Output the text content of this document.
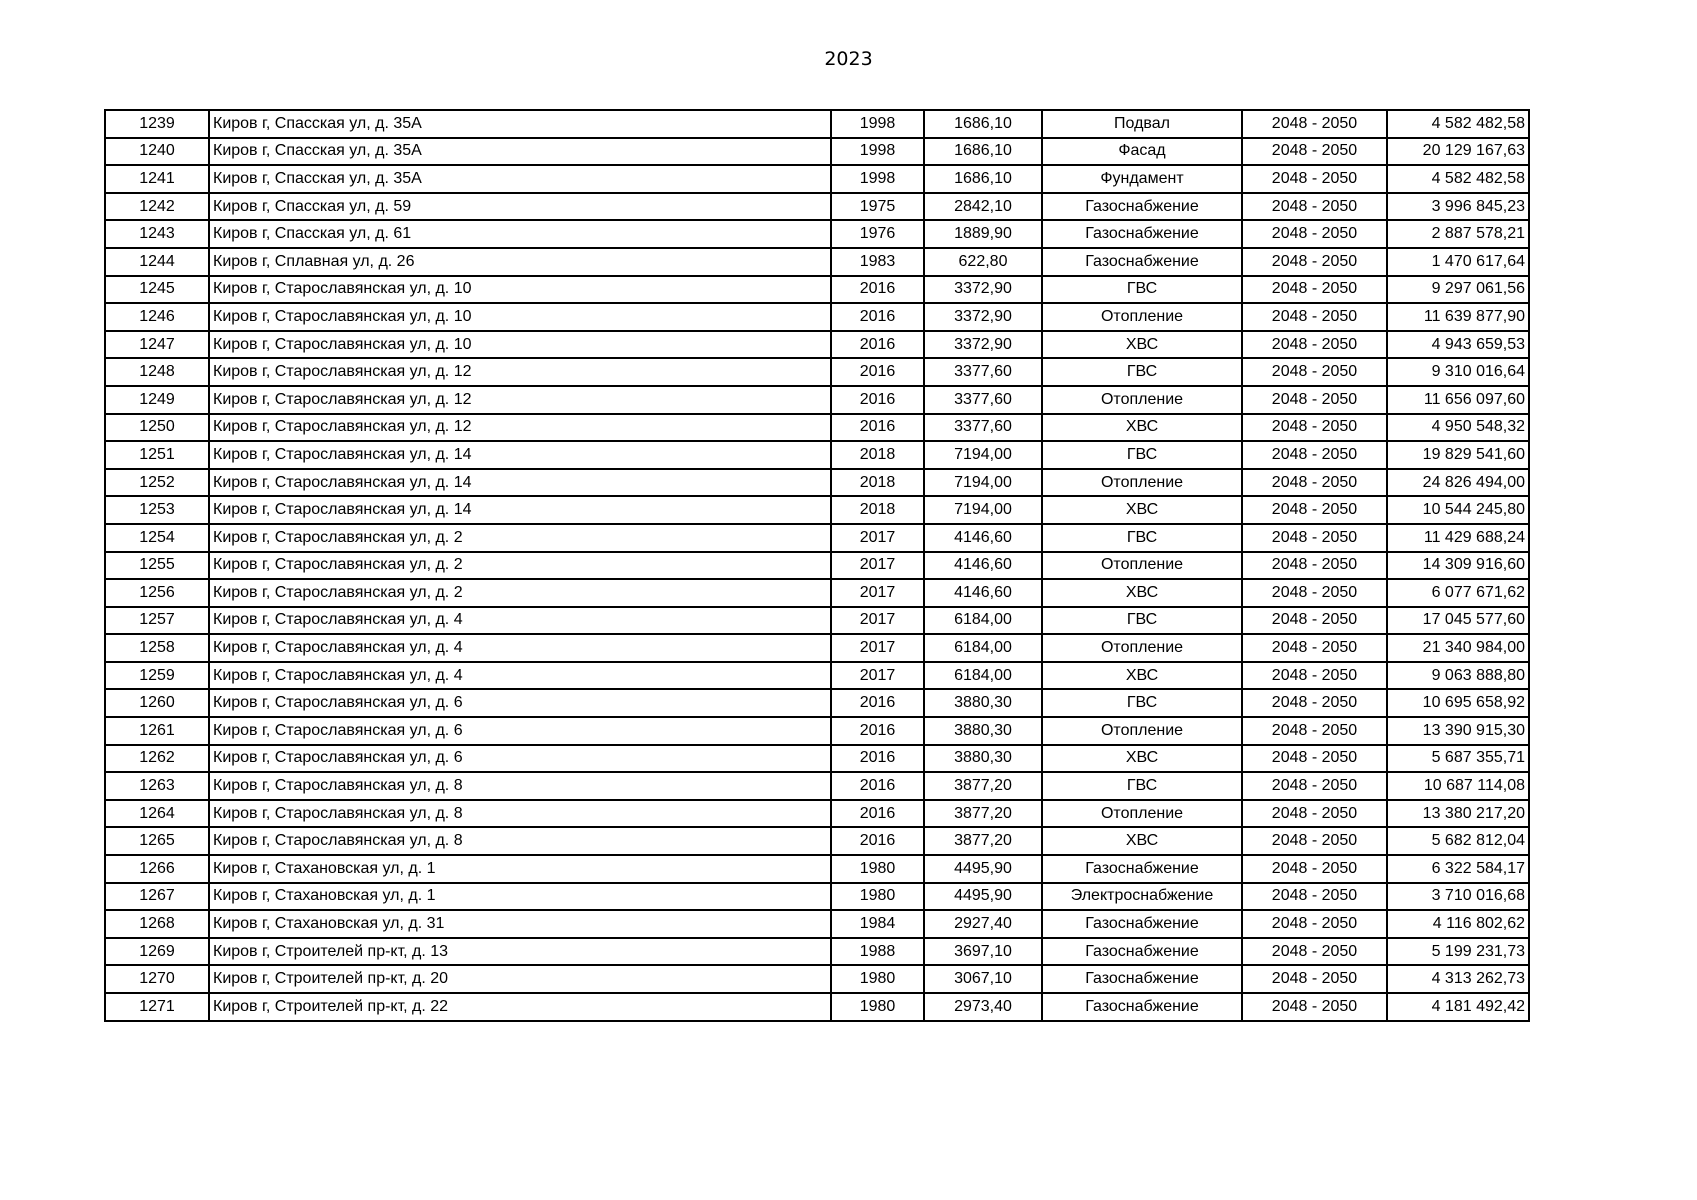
2023
1239	Киров г, Спасская ул, д. 35А	1998	1686,10	Подвал	2048 - 2050	4 582 482,58
1240	Киров г, Спасская ул, д. 35А	1998	1686,10	Фасад	2048 - 2050	20 129 167,63
1241	Киров г, Спасская ул, д. 35А	1998	1686,10	Фундамент	2048 - 2050	4 582 482,58
1242	Киров г, Спасская ул, д. 59	1975	2842,10	Газоснабжение	2048 - 2050	3 996 845,23
1243	Киров г, Спасская ул, д. 61	1976	1889,90	Газоснабжение	2048 - 2050	2 887 578,21
1244	Киров г, Сплавная ул, д. 26	1983	622,80	Газоснабжение	2048 - 2050	1 470 617,64
1245	Киров г, Старославянская ул, д. 10	2016	3372,90	ГВС	2048 - 2050	9 297 061,56
1246	Киров г, Старославянская ул, д. 10	2016	3372,90	Отопление	2048 - 2050	11 639 877,90
1247	Киров г, Старославянская ул, д. 10	2016	3372,90	ХВС	2048 - 2050	4 943 659,53
1248	Киров г, Старославянская ул, д. 12	2016	3377,60	ГВС	2048 - 2050	9 310 016,64
1249	Киров г, Старославянская ул, д. 12	2016	3377,60	Отопление	2048 - 2050	11 656 097,60
1250	Киров г, Старославянская ул, д. 12	2016	3377,60	ХВС	2048 - 2050	4 950 548,32
1251	Киров г, Старославянская ул, д. 14	2018	7194,00	ГВС	2048 - 2050	19 829 541,60
1252	Киров г, Старославянская ул, д. 14	2018	7194,00	Отопление	2048 - 2050	24 826 494,00
1253	Киров г, Старославянская ул, д. 14	2018	7194,00	ХВС	2048 - 2050	10 544 245,80
1254	Киров г, Старославянская ул, д. 2	2017	4146,60	ГВС	2048 - 2050	11 429 688,24
1255	Киров г, Старославянская ул, д. 2	2017	4146,60	Отопление	2048 - 2050	14 309 916,60
1256	Киров г, Старославянская ул, д. 2	2017	4146,60	ХВС	2048 - 2050	6 077 671,62
1257	Киров г, Старославянская ул, д. 4	2017	6184,00	ГВС	2048 - 2050	17 045 577,60
1258	Киров г, Старославянская ул, д. 4	2017	6184,00	Отопление	2048 - 2050	21 340 984,00
1259	Киров г, Старославянская ул, д. 4	2017	6184,00	ХВС	2048 - 2050	9 063 888,80
1260	Киров г, Старославянская ул, д. 6	2016	3880,30	ГВС	2048 - 2050	10 695 658,92
1261	Киров г, Старославянская ул, д. 6	2016	3880,30	Отопление	2048 - 2050	13 390 915,30
1262	Киров г, Старославянская ул, д. 6	2016	3880,30	ХВС	2048 - 2050	5 687 355,71
1263	Киров г, Старославянская ул, д. 8	2016	3877,20	ГВС	2048 - 2050	10 687 114,08
1264	Киров г, Старославянская ул, д. 8	2016	3877,20	Отопление	2048 - 2050	13 380 217,20
1265	Киров г, Старославянская ул, д. 8	2016	3877,20	ХВС	2048 - 2050	5 682 812,04
1266	Киров г, Стахановская ул, д. 1	1980	4495,90	Газоснабжение	2048 - 2050	6 322 584,17
1267	Киров г, Стахановская ул, д. 1	1980	4495,90	Электроснабжение	2048 - 2050	3 710 016,68
1268	Киров г, Стахановская ул, д. 31	1984	2927,40	Газоснабжение	2048 - 2050	4 116 802,62
1269	Киров г, Строителей пр-кт, д. 13	1988	3697,10	Газоснабжение	2048 - 2050	5 199 231,73
1270	Киров г, Строителей пр-кт, д. 20	1980	3067,10	Газоснабжение	2048 - 2050	4 313 262,73
1271	Киров г, Строителей пр-кт, д. 22	1980	2973,40	Газоснабжение	2048 - 2050	4 181 492,42
